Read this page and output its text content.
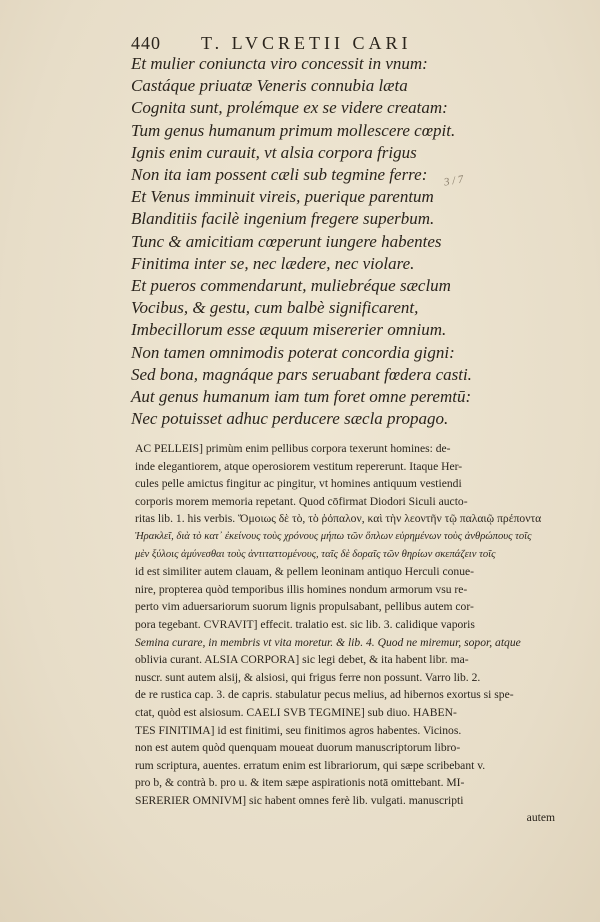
440 T. LVCRETII CARI
Et mulier coniuncta viro concessit in vnum:
Castáque priuatæ Veneris connubia læta
Cognita sunt, prolémque ex se videre creatam:
Tum genus humanum primum mollescere cœpit.
Ignis enim curauit, vt alsia corpora frigus
Non ita iam possent cæli sub tegmine ferre:
Et Venus imminuit vireis, puerique parentum
Blanditiis facilè ingenium fregere superbum.
Tunc & amicitiam cœperunt iungere habentes
Finitima inter se, nec lædere, nec violare.
Et pueros commendarunt, muliebréque sæclum
Vocibus, & gestu, cum balbè significarent,
Imbecillorum esse æquum misererier omnium.
Non tamen omnimodis poterat concordia gigni:
Sed bona, magnáque pars seruabant fœdera casti.
Aut genus humanum iam tum foret omne peremtū:
Nec potuisset adhuc perducere sæcla propago.
3 / 7
AC PELLEIS] primùm enim pellibus corpora texerunt homines: de-
inde elegantiorem, atque operosiorem vestitum repererunt. Itaque Her-
cules pelle amictus fingitur ac pingitur, vt homines antiquum vestiendi
corporis morem memoria repetant. Quod cōfirmat Diodori Siculi aucto-
ritas lib. 1. his verbis. Ὅμοιως δὲ τὸ, τὸ ῥόπαλον, καὶ τὴν λεοντῆν τῷ παλαιῷ πρέποντα
Ἡρακλεῖ, διὰ τὸ κατ᾽ ἐκείνους τοὺς χρόνους μήπω τῶν ὅπλων εὑρημένων τοὺς ἀνθρώπους τοῖς
μὲν ξύλοις ἀμύνεσθαι τοὺς ἀντιταττομένους, ταῖς δὲ δοραῖς τῶν θηρίων σκεπάζειν τοῖς
id est similiter autem clauam, & pellem leoninam antiquo Herculi conue-
nire, propterea quòd temporibus illis homines nondum armorum vsu re-
perto vim aduersariorum suorum lignis propulsabant, pellibus autem cor-
pora tegebant. CVRAVIT] effecit. tralatio est. sic lib. 3. calidique vaporis
Semina curare, in membris vt vita moretur. & lib. 4. Quod ne miremur, sopor, atque
oblivia curant. ALSIA CORPORA] sic legi debet, & ita habent libr. ma-
nuscr. sunt autem alsij, & alsiosi, qui frigus ferre non possunt. Varro lib. 2.
de re rustica cap. 3. de capris. stabulatur pecus melius, ad hibernos exortus si spe-
ctat, quòd est alsiosum. CAELI SVB TEGMINE] sub diuo. HABEN-
TES FINITIMA] id est finitimi, seu finitimos agros habentes. Vicinos.
non est autem quòd quenquam moueat duorum manuscriptorum libro-
rum scriptura, auentes. erratum enim est librariorum, qui sæpe scribebant v.
pro b, & contrà b. pro u. & item sæpe aspirationis notā omittebant. MI-
SERERIER OMNIVM] sic habent omnes ferè lib. vulgati. manuscripti
autem
